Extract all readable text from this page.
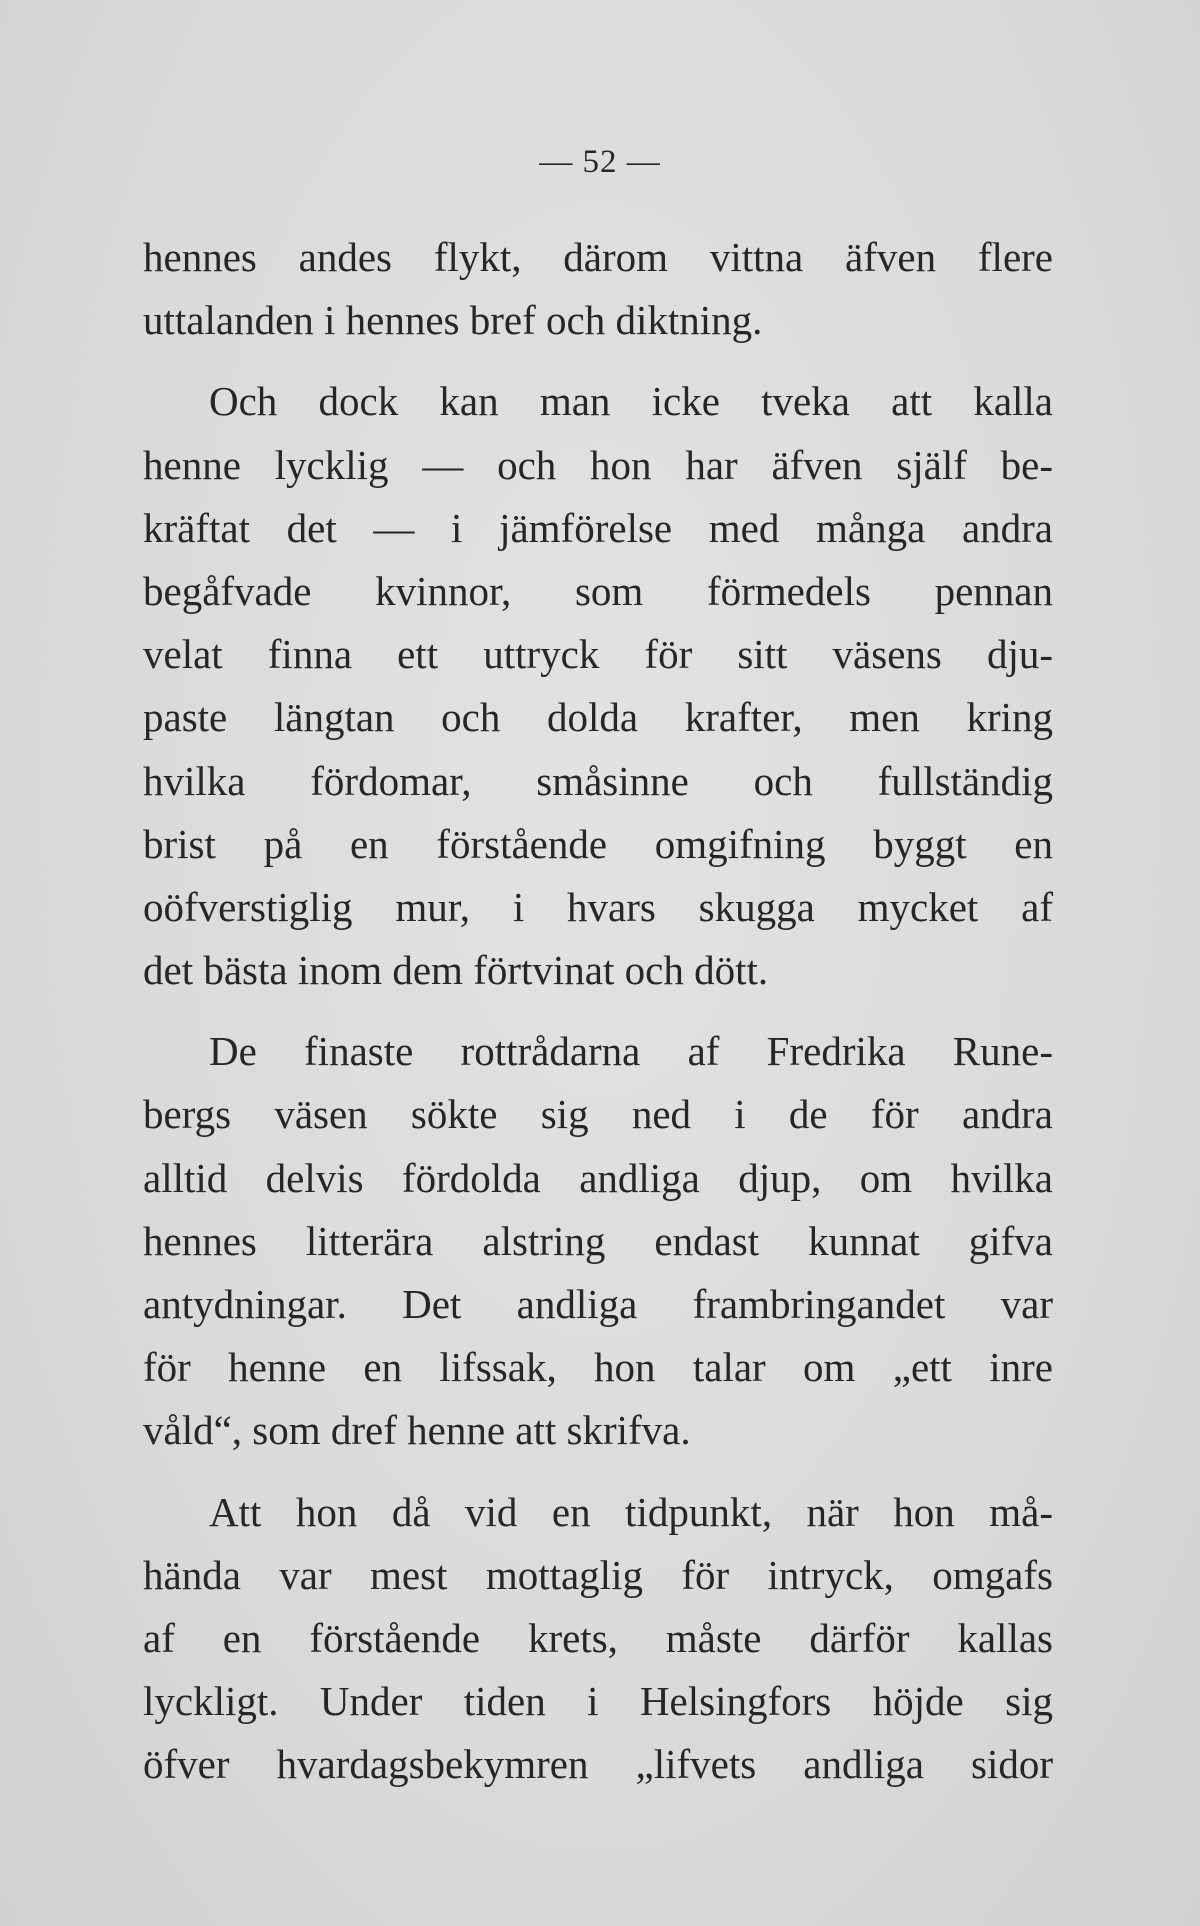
— 52 —
hennes andes flykt, därom vittna äfven flere
uttalanden i hennes bref och diktning.
Och dock kan man icke tveka att kalla
henne lycklig — och hon har äfven själf be-
kräftat det — i jämförelse med många andra
begåfvade kvinnor, som förmedels pennan
velat finna ett uttryck för sitt väsens dju-
paste längtan och dolda krafter, men kring
hvilka fördomar, småsinne och fullständig
brist på en förstående omgifning byggt en
oöfverstiglig mur, i hvars skugga mycket af
det bästa inom dem förtvinat och dött.
De finaste rottrådarna af Fredrika Rune-
bergs väsen sökte sig ned i de för andra
alltid delvis fördolda andliga djup, om hvilka
hennes litterära alstring endast kunnat gifva
antydningar. Det andliga frambringandet var
för henne en lifssak, hon talar om „ett inre
våld“, som dref henne att skrifva.
Att hon då vid en tidpunkt, när hon må-
hända var mest mottaglig för intryck, omgafs
af en förstående krets, måste därför kallas
lyckligt. Under tiden i Helsingfors höjde sig
öfver hvardagsbekymren „lifvets andliga sidor
